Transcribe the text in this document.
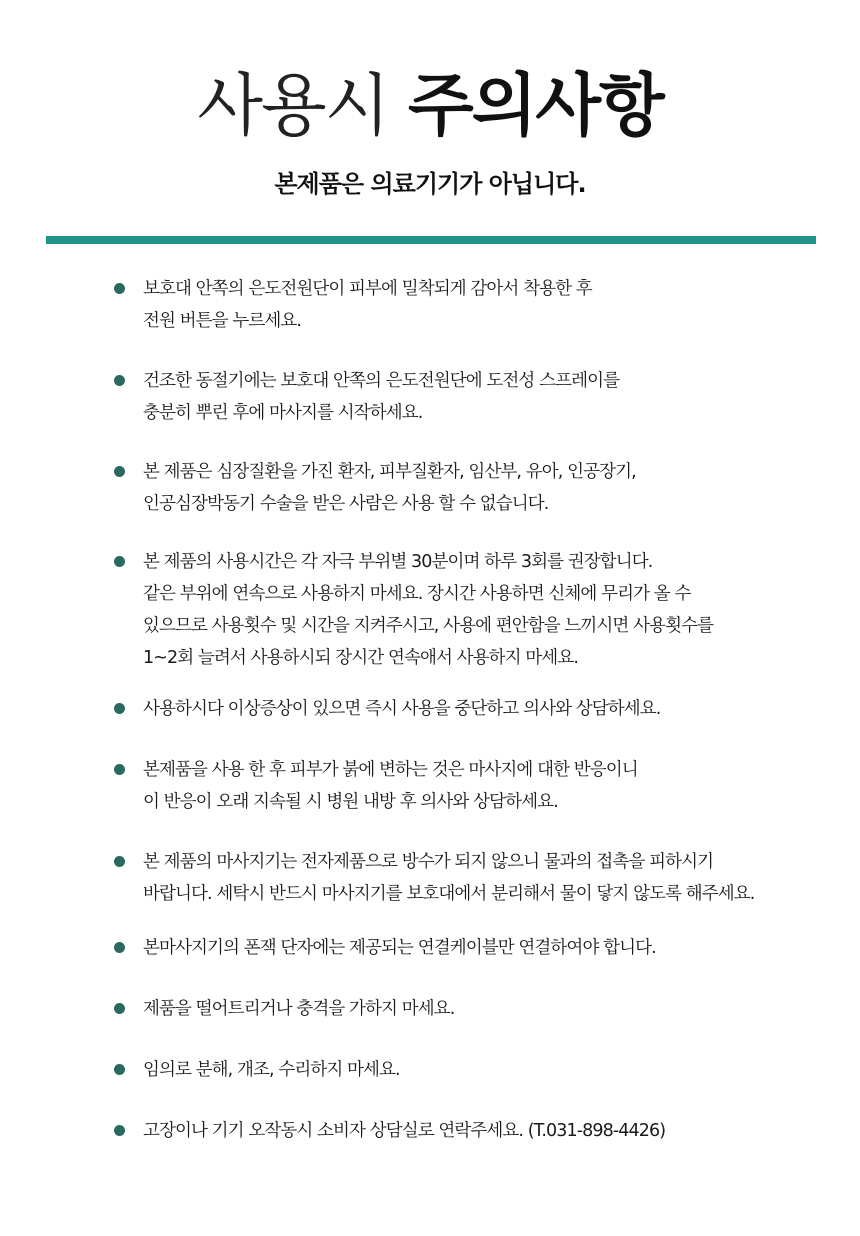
사용시 주의사항
본제품은 의료기기가 아닙니다.
보호대 안쪽의 은도전원단이 피부에 밀착되게 감아서 착용한 후
전원 버튼을 누르세요.
건조한 동절기에는 보호대 안쪽의 은도전원단에 도전성 스프레이를
충분히 뿌린 후에 마사지를 시작하세요.
본 제품은 심장질환을 가진 환자, 피부질환자, 임산부, 유아, 인공장기,
인공심장박동기 수술을 받은 사람은 사용 할 수 없습니다.
본 제품의 사용시간은 각 자극 부위별 30분이며 하루 3회를 권장합니다.
같은 부위에 연속으로 사용하지 마세요. 장시간 사용하면 신체에 무리가 올 수
있으므로 사용횟수 및 시간을 지켜주시고, 사용에 편안함을 느끼시면 사용횟수를
1~2회 늘려서 사용하시되 장시간 연속애서 사용하지 마세요.
사용하시다 이상증상이 있으면 즉시 사용을 중단하고 의사와 상담하세요.
본제품을 사용 한 후 피부가 붉에 변하는 것은 마사지에 대한 반응이니
이 반응이 오래 지속될 시 병원 내방 후 의사와 상담하세요.
본 제품의 마사지기는 전자제품으로 방수가 되지 않으니 물과의 접촉을 피하시기
바랍니다. 세탁시 반드시 마사지기를 보호대에서 분리해서 물이 닿지 않도록 해주세요.
본마사지기의 폰잭 단자에는 제공되는 연결케이블만 연결하여야 합니다.
제품을 떨어트리거나 충격을 가하지 마세요.
임의로 분해, 개조, 수리하지 마세요.
고장이나 기기 오작동시 소비자 상담실로 연락주세요. (T.031-898-4426)
